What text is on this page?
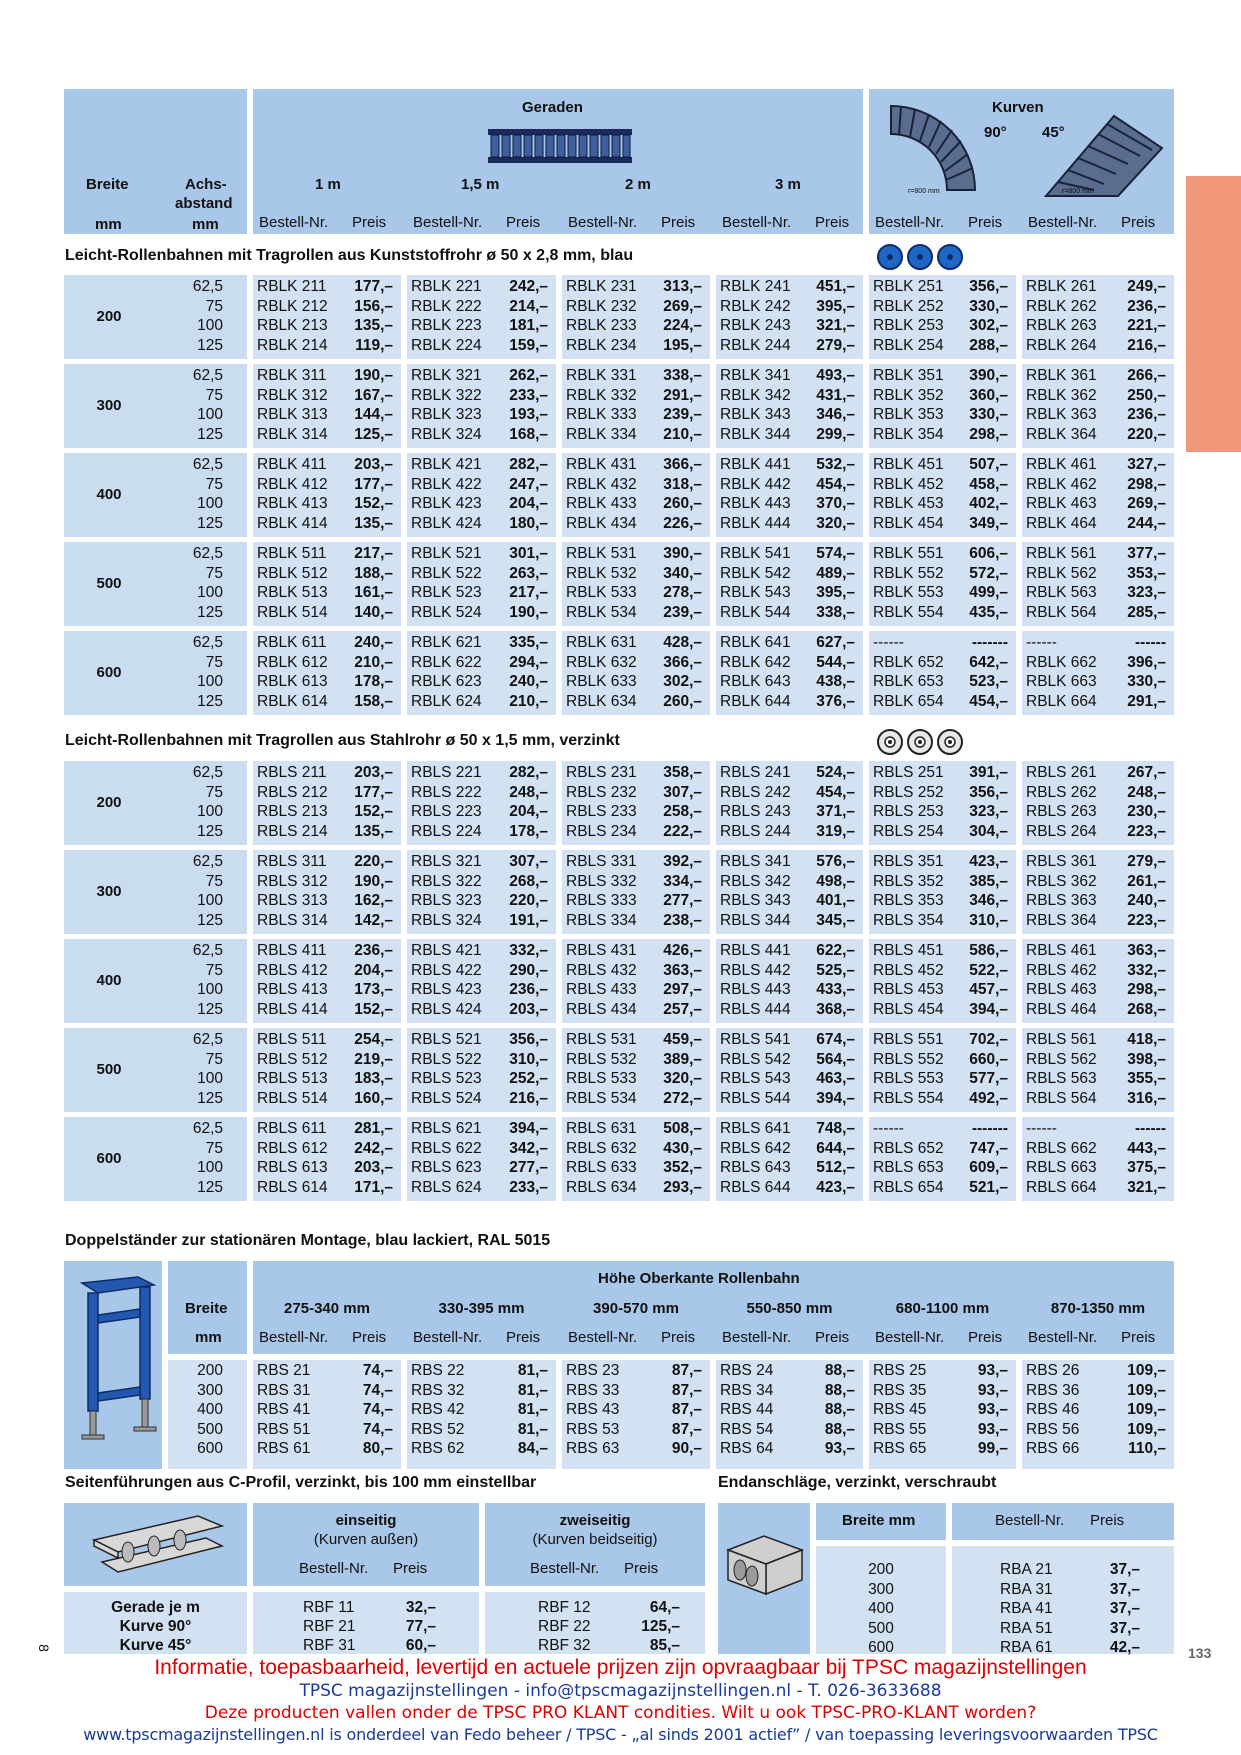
Breite
mm
Achs-
abstand
mm
Geraden
1 m	1,5 m	2 m	3 m
Kurven
90° 45°
r=800 mm	r=800 mm
Bestell-Nr. Preis Bestell-Nr. Preis Bestell-Nr. Preis Bestell-Nr. Preis Bestell-Nr. Preis Bestell-Nr. Preis
Leicht-Rollenbahnen mit Tragrollen aus Kunststoffrohr ø 50 x 2,8 mm, blau
200
62,5 RBLK 211	177,– RBLK 221	242,– RBLK 231	313,– RBLK 241	451,– RBLK 251	356,– RBLK 261	249,–
75 RBLK 212	156,– RBLK 222	214,– RBLK 232	269,– RBLK 242	395,– RBLK 252	330,– RBLK 262	236,–
100 RBLK 213	135,– RBLK 223	181,– RBLK 233	224,– RBLK 243	321,– RBLK 253	302,– RBLK 263	221,–
125 RBLK 214	119,– RBLK 224	159,– RBLK 234	195,– RBLK 244	279,– RBLK 254	288,– RBLK 264	216,–
300
62,5 RBLK 311	190,– RBLK 321	262,– RBLK 331	338,– RBLK 341	493,– RBLK 351	390,– RBLK 361	266,–
75 RBLK 312	167,– RBLK 322	233,– RBLK 332	291,– RBLK 342	431,– RBLK 352	360,– RBLK 362	250,–
100 RBLK 313	144,– RBLK 323	193,– RBLK 333	239,– RBLK 343	346,– RBLK 353	330,– RBLK 363	236,–
125 RBLK 314	125,– RBLK 324	168,– RBLK 334	210,– RBLK 344	299,– RBLK 354	298,– RBLK 364	220,–
400
62,5 RBLK 411	203,– RBLK 421	282,– RBLK 431	366,– RBLK 441	532,– RBLK 451	507,– RBLK 461	327,–
75 RBLK 412	177,– RBLK 422	247,– RBLK 432	318,– RBLK 442	454,– RBLK 452	458,– RBLK 462	298,–
100 RBLK 413	152,– RBLK 423	204,– RBLK 433	260,– RBLK 443	370,– RBLK 453	402,– RBLK 463	269,–
125 RBLK 414	135,– RBLK 424	180,– RBLK 434	226,– RBLK 444	320,– RBLK 454	349,– RBLK 464	244,–
500
62,5 RBLK 511	217,– RBLK 521	301,– RBLK 531	390,– RBLK 541	574,– RBLK 551	606,– RBLK 561	377,–
75 RBLK 512	188,– RBLK 522	263,– RBLK 532	340,– RBLK 542	489,– RBLK 552	572,– RBLK 562	353,–
100 RBLK 513	161,– RBLK 523	217,– RBLK 533	278,– RBLK 543	395,– RBLK 553	499,– RBLK 563	323,–
125 RBLK 514	140,– RBLK 524	190,– RBLK 534	239,– RBLK 544	338,– RBLK 554	435,– RBLK 564	285,–
600
62,5 RBLK 611	240,– RBLK 621	335,– RBLK 631	428,– RBLK 641	627,– ------	------- ------	------
75 RBLK 612	210,– RBLK 622	294,– RBLK 632	366,– RBLK 642	544,– RBLK 652	642,– RBLK 662	396,–
100 RBLK 613	178,– RBLK 623	240,– RBLK 633	302,– RBLK 643	438,– RBLK 653	523,– RBLK 663	330,–
125 RBLK 614	158,– RBLK 624	210,– RBLK 634	260,– RBLK 644	376,– RBLK 654	454,– RBLK 664	291,–
Leicht-Rollenbahnen mit Tragrollen aus Stahlrohr ø 50 x 1,5 mm, verzinkt
200
62,5 RBLS 211	203,– RBLS 221	282,– RBLS 231	358,– RBLS 241	524,– RBLS 251	391,– RBLS 261	267,–
75 RBLS 212	177,– RBLS 222	248,– RBLS 232	307,– RBLS 242	454,– RBLS 252	356,– RBLS 262	248,–
100 RBLS 213	152,– RBLS 223	204,– RBLS 233	258,– RBLS 243	371,– RBLS 253	323,– RBLS 263	230,–
125 RBLS 214	135,– RBLS 224	178,– RBLS 234	222,– RBLS 244	319,– RBLS 254	304,– RBLS 264	223,–
300
62,5 RBLS 311	220,– RBLS 321	307,– RBLS 331	392,– RBLS 341	576,– RBLS 351	423,– RBLS 361	279,–
75 RBLS 312	190,– RBLS 322	268,– RBLS 332	334,– RBLS 342	498,– RBLS 352	385,– RBLS 362	261,–
100 RBLS 313	162,– RBLS 323	220,– RBLS 333	277,– RBLS 343	401,– RBLS 353	346,– RBLS 363	240,–
125 RBLS 314	142,– RBLS 324	191,– RBLS 334	238,– RBLS 344	345,– RBLS 354	310,– RBLS 364	223,–
400
62,5 RBLS 411	236,– RBLS 421	332,– RBLS 431	426,– RBLS 441	622,– RBLS 451	586,– RBLS 461	363,–
75 RBLS 412	204,– RBLS 422	290,– RBLS 432	363,– RBLS 442	525,– RBLS 452	522,– RBLS 462	332,–
100 RBLS 413	173,– RBLS 423	236,– RBLS 433	297,– RBLS 443	433,– RBLS 453	457,– RBLS 463	298,–
125 RBLS 414	152,– RBLS 424	203,– RBLS 434	257,– RBLS 444	368,– RBLS 454	394,– RBLS 464	268,–
500
62,5 RBLS 511	254,– RBLS 521	356,– RBLS 531	459,– RBLS 541	674,– RBLS 551	702,– RBLS 561	418,–
75 RBLS 512	219,– RBLS 522	310,– RBLS 532	389,– RBLS 542	564,– RBLS 552	660,– RBLS 562	398,–
100 RBLS 513	183,– RBLS 523	252,– RBLS 533	320,– RBLS 543	463,– RBLS 553	577,– RBLS 563	355,–
125 RBLS 514	160,– RBLS 524	216,– RBLS 534	272,– RBLS 544	394,– RBLS 554	492,– RBLS 564	316,–
600
62,5 RBLS 611	281,– RBLS 621	394,– RBLS 631	508,– RBLS 641	748,– ------	------- ------	------
75 RBLS 612	242,– RBLS 622	342,– RBLS 632	430,– RBLS 642	644,– RBLS 652	747,– RBLS 662	443,–
100 RBLS 613	203,– RBLS 623	277,– RBLS 633	352,– RBLS 643	512,– RBLS 653	609,– RBLS 663	375,–
125 RBLS 614	171,– RBLS 624	233,– RBLS 634	293,– RBLS 644	423,– RBLS 654	521,– RBLS 664	321,–
Doppelständer zur stationären Montage, blau lackiert, RAL 5015
Höhe Oberkante Rollenbahn
Breite
mm
275-340 mm
Bestell-Nr. Preis
330-395 mm
Bestell-Nr. Preis
390-570 mm
Bestell-Nr. Preis
550-850 mm
Bestell-Nr. Preis
680-1100 mm
Bestell-Nr. Preis
870-1350 mm
Bestell-Nr. Preis
200 RBS 21	74,– RBS 22	81,– RBS 23	87,– RBS 24	88,– RBS 25	93,– RBS 26	109,–
300 RBS 31	74,– RBS 32	81,– RBS 33	87,– RBS 34	88,– RBS 35	93,– RBS 36	109,–
400 RBS 41	74,– RBS 42	81,– RBS 43	87,– RBS 44	88,– RBS 45	93,– RBS 46	109,–
500 RBS 51	74,– RBS 52	81,– RBS 53	87,– RBS 54	88,– RBS 55	93,– RBS 56	109,–
600 RBS 61	80,– RBS 62	84,– RBS 63	90,– RBS 64	93,– RBS 65	99,– RBS 66	110,–
Seitenführungen aus C-Profil, verzinkt, bis 100 mm einstellbar
einseitig
(Kurven außen)
zweiseitig
(Kurven beidseitig)
Bestell-Nr. Preis	Bestell-Nr. Preis
Gerade je m	RBF 11	32,–	RBF 12	64,–
Kurve 90°	RBF 21	77,–	RBF 22	125,–
Kurve 45°	RBF 31	60,–	RBF 32	85,–
Endanschläge, verzinkt, verschraubt
Breite mm	Bestell-Nr. Preis
200	RBA 21	37,–
300	RBA 31	37,–
400	RBA 41	37,–
500	RBA 51	37,–
600	RBA 61	42,–
8	133
Informatie, toepasbaarheid, levertijd en actuele prijzen zijn opvraagbaar bij TPSC magazijnstellingen
TPSC magazijnstellingen - info@tpscmagazijnstellingen.nl - T. 026-3633688
Deze producten vallen onder de TPSC PRO KLANT condities. Wilt u ook TPSC-PRO-KLANT worden?
www.tpscmagazijnstellingen.nl is onderdeel van Fedo beheer / TPSC - „al sinds 2001 actief” / van toepassing leveringsvoorwaarden TPSC
